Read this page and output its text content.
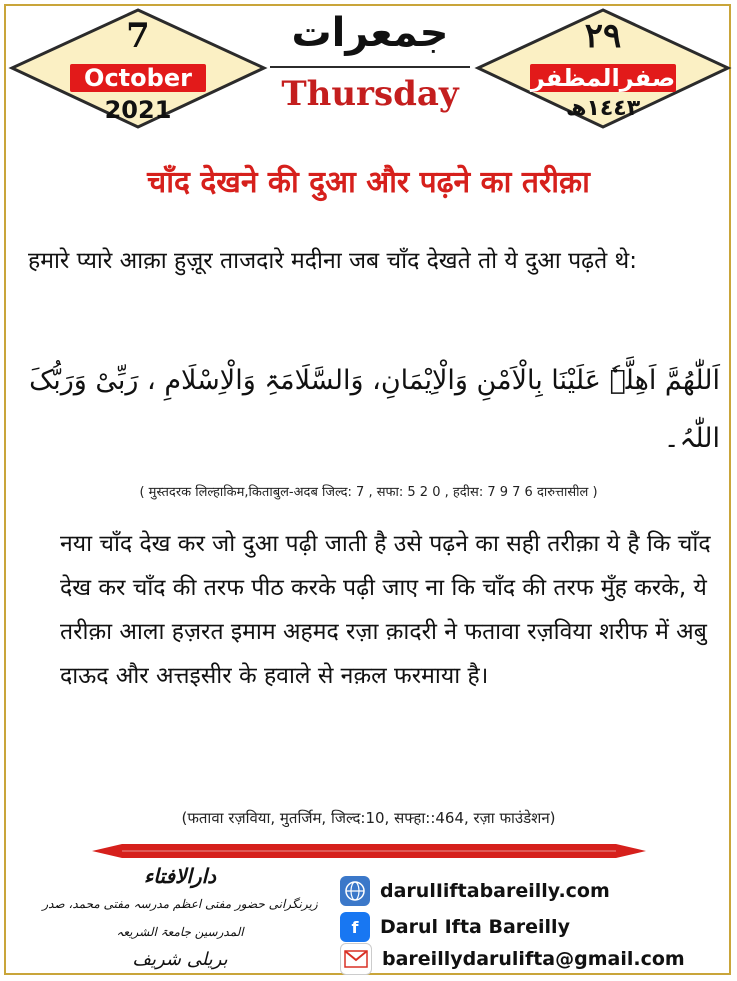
7
October
2021
جمعرات
Thursday
۲۹
صفرالمظفر
١٤٤٣ھ
चाँद देखने की दुआ और पढ़ने का तरीक़ा
हमारे प्यारे आक़ा हुज़ूर ताजदारे मदीना जब चाँद देखते तो ये दुआ पढ़ते थे:
اَللّٰھُمَّ اَھِلَّہٗ عَلَیْنَا بِالْاَمْنِ وَالْاِیْمَانِ، وَالسَّلَامَۃِ وَالْاِسْلَامِ ، رَبِّیْ وَرَبُّکَ اللّٰہُ۔
( मुस्तदरक लिल्हाकिम,किताबुल-अदब जिल्द: 7 , सफा: 5 2 0 , हदीस: 7 9 7 6 दारुत्तासील )
नया चाँद देख कर जो दुआ पढ़ी जाती है उसे पढ़ने का सही तरीक़ा ये है कि चाँद देख कर चाँद की तरफ पीठ करके पढ़ी जाए ना कि चाँद की तरफ मुँह करके, ये तरीक़ा आला हज़रत इमाम अहमद रज़ा क़ादरी ने फतावा रज़विया शरीफ में अबु दाऊद और अत्तइसीर के हवाले से नक़ल फरमाया है।
(फतावा रज़विया, मुतर्जिम, जिल्द:10, सफ्हा::464, रज़ा फाउंडेशन)
دارالافتاء
زیرنگرانی حضور مفتی اعظم مدرسہ مفتی محمد، صدر المدرسین جامعۃ الشریعہ
بریلی شریف
darulIiftabareilly.com
f	Darul Ifta Bareilly
bareillydarulifta@gmail.com
